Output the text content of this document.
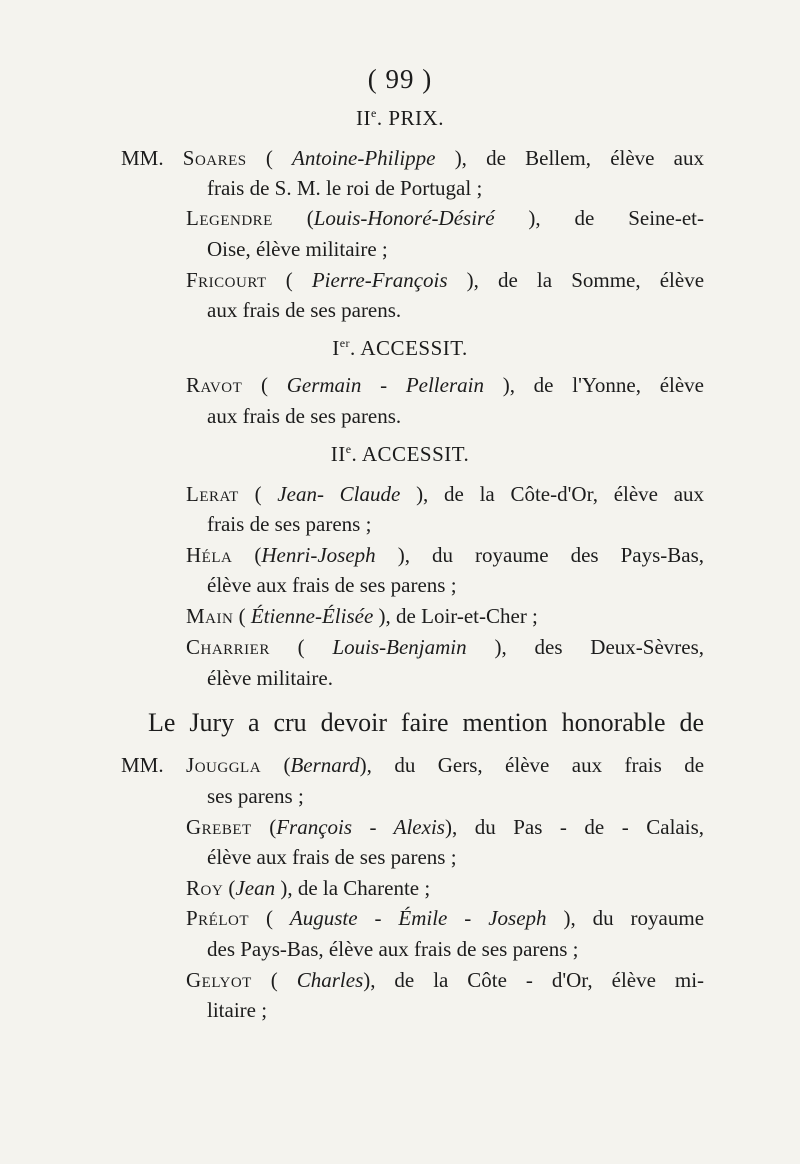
( 99 )
IIe. PRIX.
MM. Soares ( Antoine-Philippe ), de Bellem, élève aux
frais de S. M. le roi de Portugal ;
Legendre (Louis-Honoré-Désiré ), de Seine-et-
Oise, élève militaire ;
Fricourt ( Pierre-François ), de la Somme, élève
aux frais de ses parens.
Ier. ACCESSIT.
Ravot ( Germain - Pellerain ), de l'Yonne, élève
aux frais de ses parens.
IIe. ACCESSIT.
Lerat ( Jean- Claude ), de la Côte-d'Or, élève aux
frais de ses parens ;
Héla (Henri-Joseph ), du royaume des Pays-Bas,
élève aux frais de ses parens ;
Main ( Étienne-Élisée ), de Loir-et-Cher ;
Charrier ( Louis-Benjamin ), des Deux-Sèvres,
élève militaire.
Le Jury a cru devoir faire mention honorable de
MM. Jouggla (Bernard), du Gers, élève aux frais de
ses parens ;
Grebet (François - Alexis), du Pas - de - Calais,
élève aux frais de ses parens ;
Roy (Jean ), de la Charente ;
Prélot ( Auguste - Émile - Joseph ), du royaume
des Pays-Bas, élève aux frais de ses parens ;
Gelyot ( Charles), de la Côte - d'Or, élève mi-
litaire ;
